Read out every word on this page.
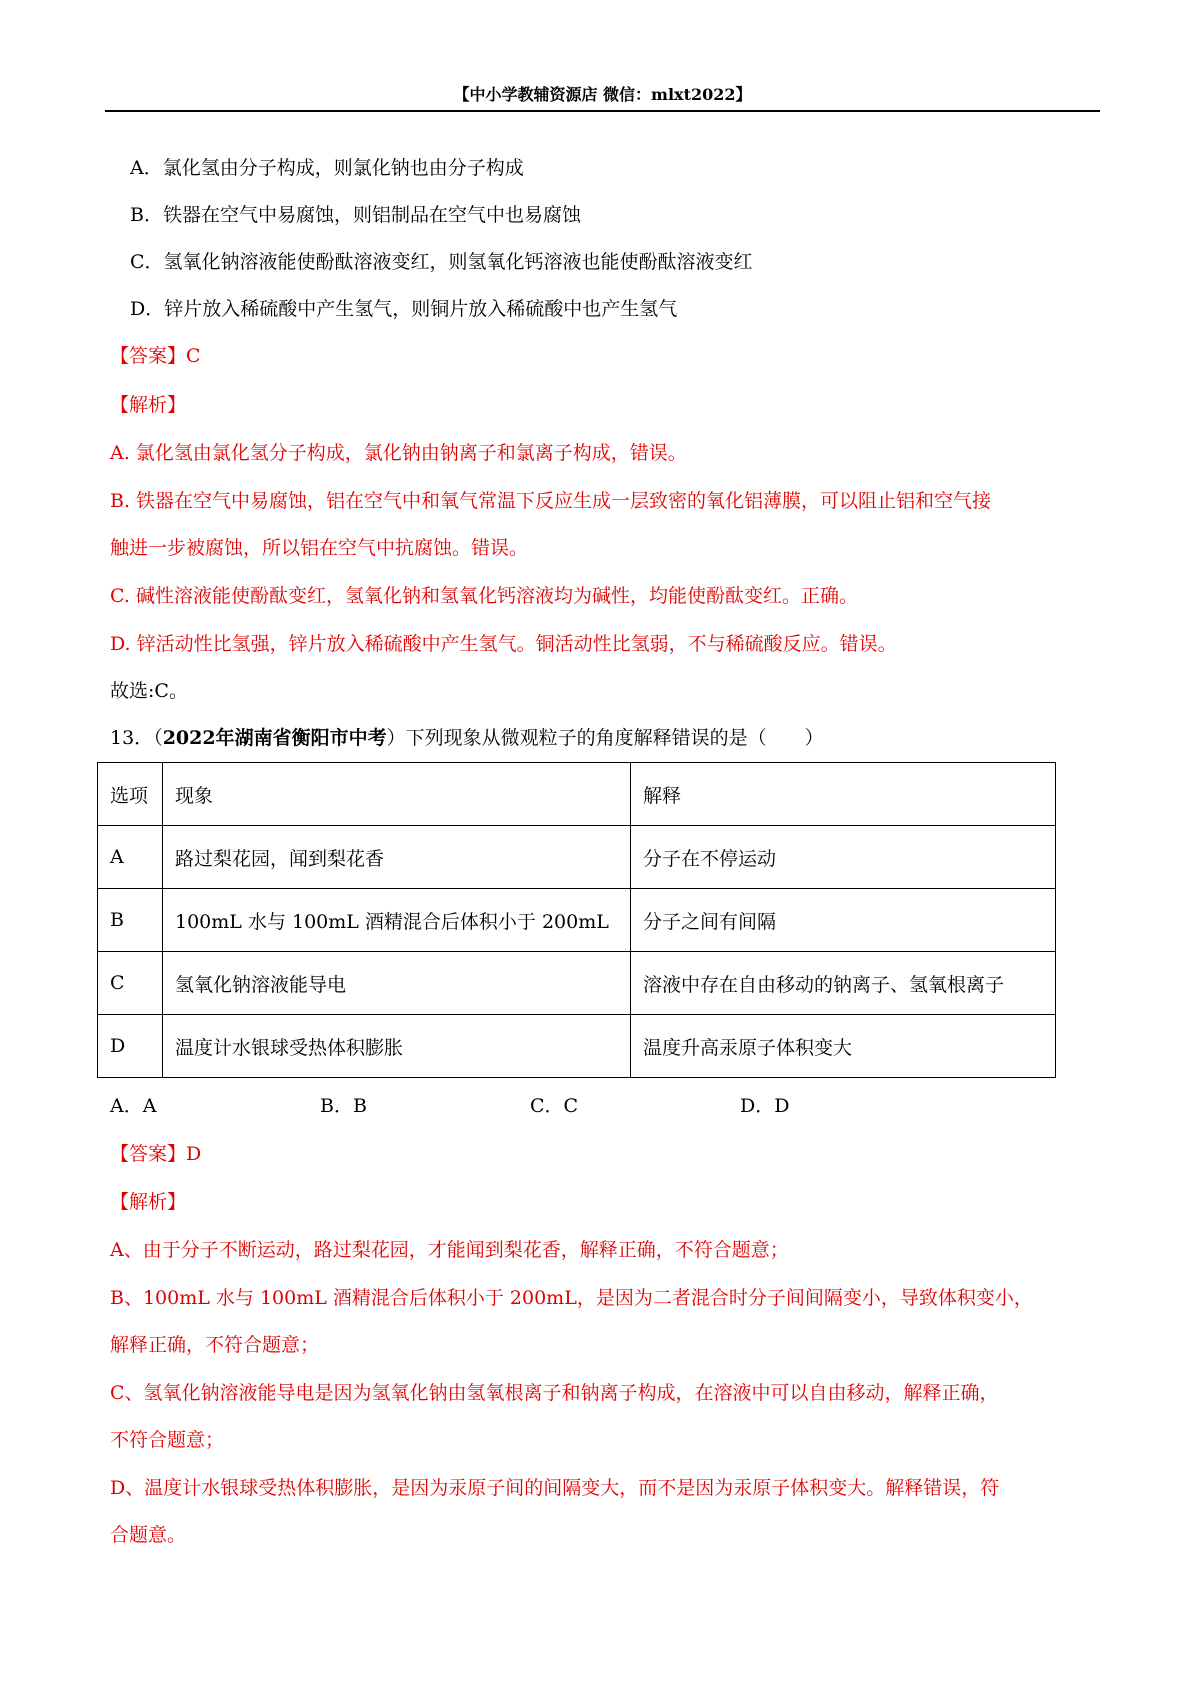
【中小学教辅资源店 微信：mlxt2022】
A．氯化氢由分子构成，则氯化钠也由分子构成
B．铁器在空气中易腐蚀，则铝制品在空气中也易腐蚀
C．氢氧化钠溶液能使酚酞溶液变红，则氢氧化钙溶液也能使酚酞溶液变红
D．锌片放入稀硫酸中产生氢气，则铜片放入稀硫酸中也产生氢气
【答案】C
【解析】
A. 氯化氢由氯化氢分子构成，氯化钠由钠离子和氯离子构成，错误。
B. 铁器在空气中易腐蚀，铝在空气中和氧气常温下反应生成一层致密的氧化铝薄膜，可以阻止铝和空气接
触进一步被腐蚀，所以铝在空气中抗腐蚀。错误。
C. 碱性溶液能使酚酞变红，氢氧化钠和氢氧化钙溶液均为碱性，均能使酚酞变红。正确。
D. 锌活动性比氢强，锌片放入稀硫酸中产生氢气。铜活动性比氢弱，不与稀硫酸反应。错误。
故选:C。
13．（2022年湖南省衡阳市中考）下列现象从微观粒子的角度解释错误的是（　　）
选项	现象	解释
A	路过梨花园，闻到梨花香	分子在不停运动
B	100mL 水与 100mL 酒精混合后体积小于 200mL	分子之间有间隔
C	氢氧化钠溶液能导电	溶液中存在自由移动的钠离子、氢氧根离子
D	温度计水银球受热体积膨胀	温度升高汞原子体积变大
A．A	B．B	C．C	D．D
【答案】D
【解析】
A、由于分子不断运动，路过梨花园，才能闻到梨花香，解释正确，不符合题意；
B、100mL 水与 100mL 酒精混合后体积小于 200mL，是因为二者混合时分子间间隔变小，导致体积变小，
解释正确，不符合题意；
C、氢氧化钠溶液能导电是因为氢氧化钠由氢氧根离子和钠离子构成，在溶液中可以自由移动，解释正确，
不符合题意；
D、温度计水银球受热体积膨胀，是因为汞原子间的间隔变大，而不是因为汞原子体积变大。解释错误，符
合题意。
